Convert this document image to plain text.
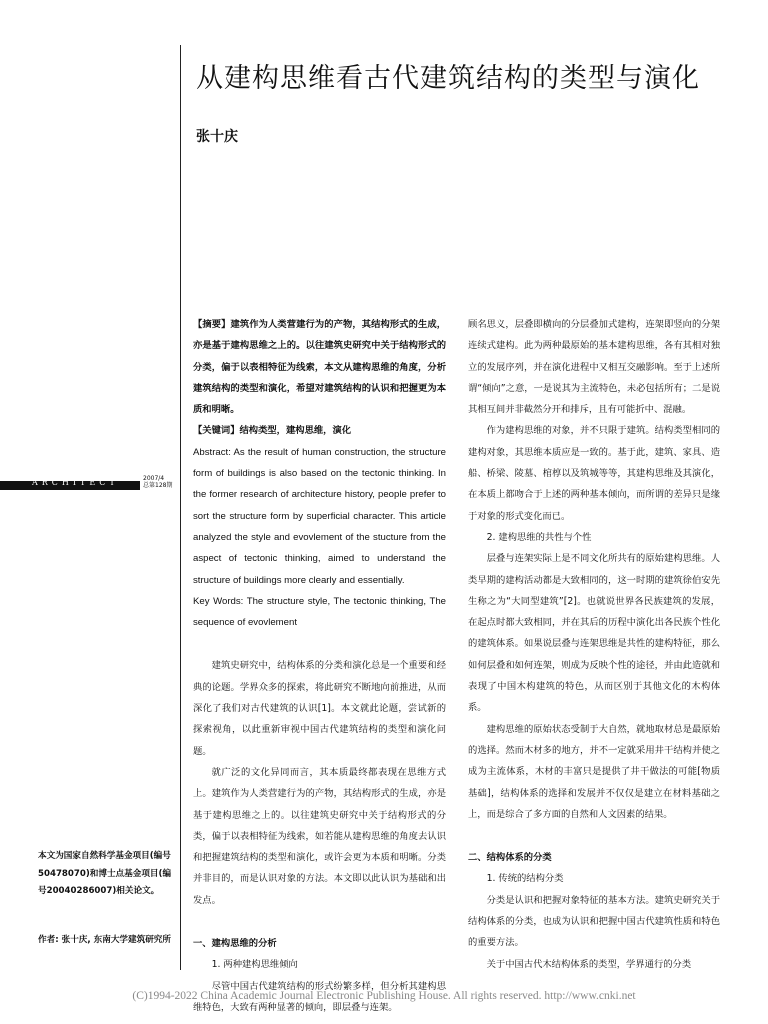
从建构思维看古代建筑结构的类型与演化
张十庆
ARCHITECT	2007/4
总第128期

【摘要】建筑作为人类营建行为的产物，其结构形式的生成，亦是基于建构思维之上的。以往建筑史研究中关于结构形式的分类，偏于以表相特征为线索，本文从建构思维的角度，分析建筑结构的类型和演化，希望对建筑结构的认识和把握更为本质和明晰。

【关键词】结构类型，建构思维，演化

Abstract: As the result of human construction, the structure form of buildings is also based on the tectonic thinking. In the former research of architecture history, people prefer to sort the structure form by superficial character. This article analyzed the style and evovlement of the stucture from the aspect of tectonic thinking, aimed to understand the structure of buildings more clearly and essentially.

Key Words: The structure style, The tectonic thinking, The sequence of evovlement

建筑史研究中，结构体系的分类和演化总是一个重要和经典的论题。学界众多的探索，将此研究不断地向前推进，从而深化了我们对古代建筑的认识[1]。本文就此论题，尝试新的探索视角，以此重新审视中国古代建筑结构的类型和演化问题。

就广泛的文化异同而言，其本质最终都表现在思维方式上。建筑作为人类营建行为的产物，其结构形式的生成，亦是基于建构思维之上的。以往建筑史研究中关于结构形式的分类，偏于以表相特征为线索，如若能从建构思维的角度去认识和把握建筑结构的类型和演化，或许会更为本质和明晰。分类并非目的，而是认识对象的方法。本文即以此认识为基础和出发点。

一、建构思维的分析

1. 两种建构思维倾向

尽管中国古代建筑结构的形式纷繁多样，但分析其建构思维特色，大致有两种显著的倾向，即层叠与连架。

顾名思义，层叠即横向的分层叠加式建构，连架即竖向的分架连续式建构。此为两种最原始的基本建构思维，各有其相对独立的发展序列，并在演化进程中又相互交融影响。至于上述所谓“倾向”之意，一是说其为主流特色，未必包括所有；二是说其相互间并非截然分开和排斥，且有可能折中、混融。

作为建构思维的对象，并不只限于建筑。结构类型相同的建构对象，其思维本质应是一致的。基于此，建筑、家具、造船、桥梁、陵墓、棺椁以及筑城等等，其建构思维及其演化，在本质上都吻合于上述的两种基本倾向，而所谓的差异只是缘于对象的形式变化而已。

2. 建构思维的共性与个性

层叠与连架实际上是不同文化所共有的原始建构思维。人类早期的建构活动都是大致相同的，这一时期的建筑徐伯安先生称之为“大同型建筑”[2]。也就说世界各民族建筑的发展，在起点时都大致相同，并在其后的历程中演化出各民族个性化的建筑体系。如果说层叠与连架思维是共性的建构特征，那么如何层叠和如何连架，则成为反映个性的途径，并由此造就和表现了中国木构建筑的特色，从而区别于其他文化的木构体系。

建构思维的原始状态受制于大自然，就地取材总是最原始的选择。然而木材多的地方，并不一定就采用井干结构并使之成为主流体系，木材的丰富只是提供了井干做法的可能[物质基础]，结构体系的选择和发展并不仅仅是建立在材料基础之上，而是综合了多方面的自然和人文因素的结果。

二、结构体系的分类

1. 传统的结构分类

分类是认识和把握对象特征的基本方法。建筑史研究关于结构体系的分类，也成为认识和把握中国古代建筑性质和特色的重要方法。

关于中国古代木结构体系的类型，学界通行的分类

本文为国家自然科学基金项目(编号50478070)和博士点基金项目(编号20040286007)相关论文。
作者: 张十庆, 东南大学建筑研究所
(C)1994-2022 China Academic Journal Electronic Publishing House. All rights reserved. http://www.cnki.net
